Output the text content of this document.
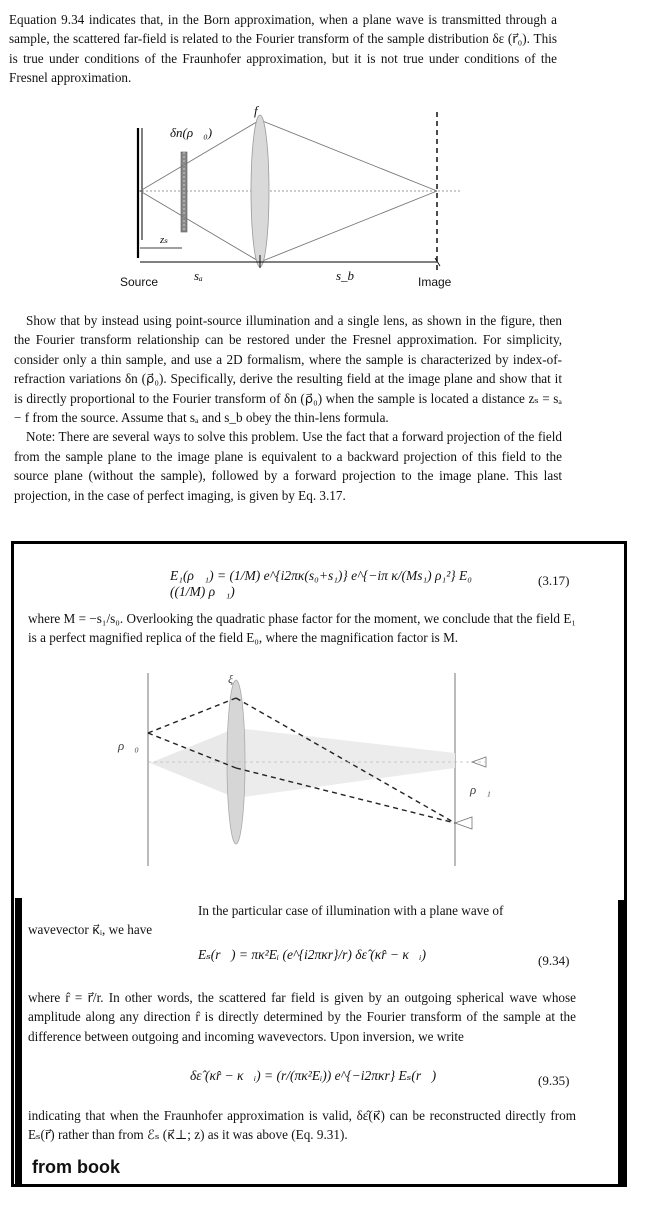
Equation 9.34 indicates that, in the Born approximation, when a plane wave is transmitted through a sample, the scattered far-field is related to the Fourier transform of the sample distribution δε (r⃗₀). This is true under conditions of the Fraunhofer approximation, but it is not true under conditions of the Fresnel approximation.

f
δn(ρ⃗₀)
zₛ
Source	sₐ	s_b	Image

Show that by instead using point-source illumination and a single lens, as shown in the figure, then the Fourier transform relationship can be restored under the Fresnel approximation. For simplicity, consider only a thin sample, and use a 2D formalism, where the sample is characterized by index-of-refraction variations δn (ρ⃗₀). Specifically, derive the resulting field at the image plane and show that it is directly proportional to the Fourier transform of δn (ρ⃗₀) when the sample is located a distance zₛ = sₐ − f from the source. Assume that sₐ and s_b obey the thin-lens formula.

Note: There are several ways to solve this problem. Use the fact that a forward projection of the field from the sample plane to the image plane is equivalent to a backward projection of this field to the source plane (without the sample), followed by a forward projection to the image plane. This last projection, in the case of perfect imaging, is given by Eq. 3.17.

E₁(ρ⃗₁) = (1/M) e^{i2πκ(s₀+s₁)} e^{−iπ κ/(Ms₁) ρ₁²} E₀ ((1/M) ρ⃗₁)
(3.17)
where M = −s₁/s₀. Overlooking the quadratic phase factor for the moment, we conclude that the field E₁ is a perfect magnified replica of the field E₀, where the magnification factor is M.
ξ⃗
ρ⃗₀
ρ⃗₁
In the particular case of illumination with a plane wave of
wavevector κ⃗ᵢ, we have
Eₛ(r⃗) = πκ²Eᵢ (e^{i2πκr}/r) δε̂ (κr̂ − κ⃗ᵢ)	(9.34)
where r̂ = r⃗/r. In other words, the scattered far field is given by an outgoing spherical wave whose amplitude along any direction r̂ is directly determined by the Fourier transform of the sample at the difference between outgoing and incoming wavevectors. Upon inversion, we write
δε̂ (κr̂ − κ⃗ᵢ) = (r/(πκ²Eᵢ)) e^{−i2πκr} Eₛ(r⃗)	(9.35)
indicating that when the Fraunhofer approximation is valid, δε̂(κ⃗) can be reconstructed directly from Eₛ(r⃗) rather than from ℰₛ (κ⃗⊥; z) as it was above (Eq. 9.31).
from book
